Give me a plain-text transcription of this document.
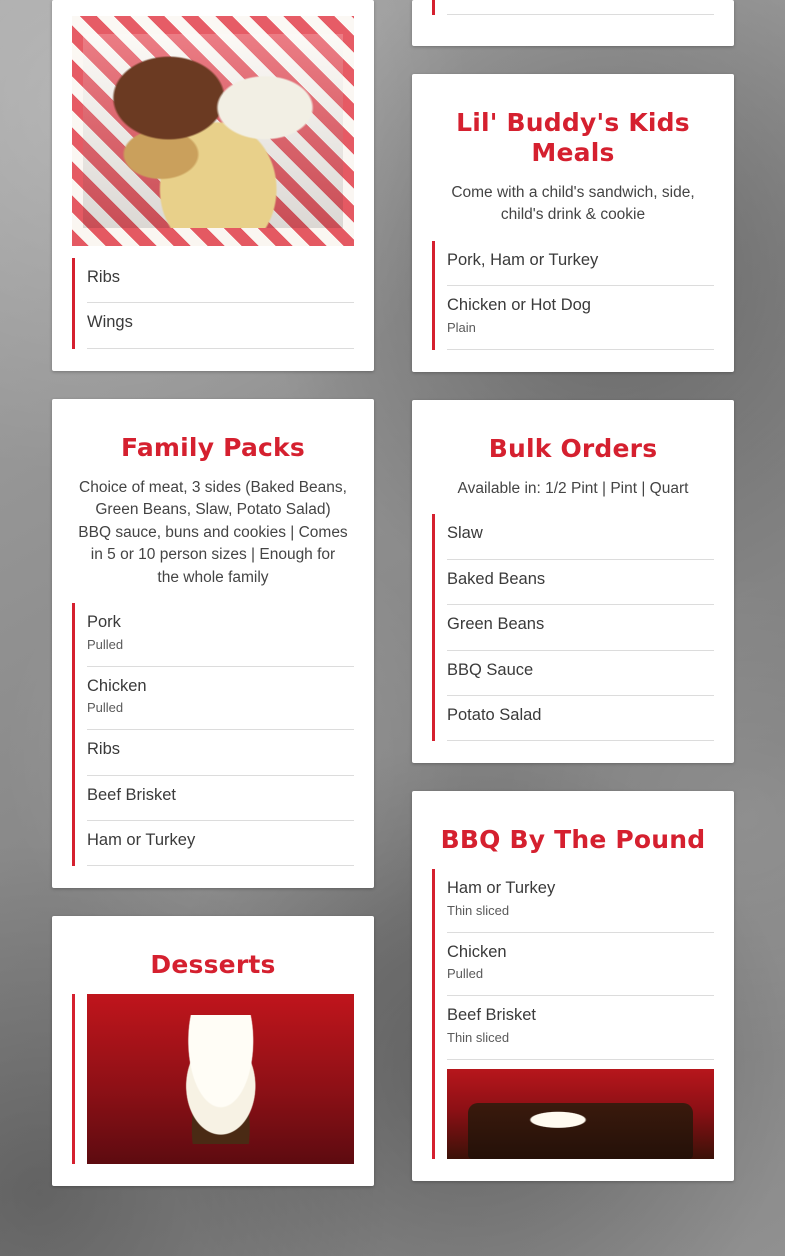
Ribs
Wings
Family Packs
Choice of meat, 3 sides (Baked Beans, Green Beans, Slaw, Potato Salad) BBQ sauce, buns and cookies | Comes in 5 or 10 person sizes | Enough for the whole family
Pork
Pulled
Chicken
Pulled
Ribs
Beef Brisket
Ham or Turkey
Desserts
Lil' Buddy's Kids Meals
Come with a child's sandwich, side, child's drink & cookie
Pork, Ham or Turkey
Chicken or Hot Dog
Plain
Bulk Orders
Available in: 1/2 Pint | Pint | Quart
Slaw
Baked Beans
Green Beans
BBQ Sauce
Potato Salad
BBQ By The Pound
Ham or Turkey
Thin sliced
Chicken
Pulled
Beef Brisket
Thin sliced
